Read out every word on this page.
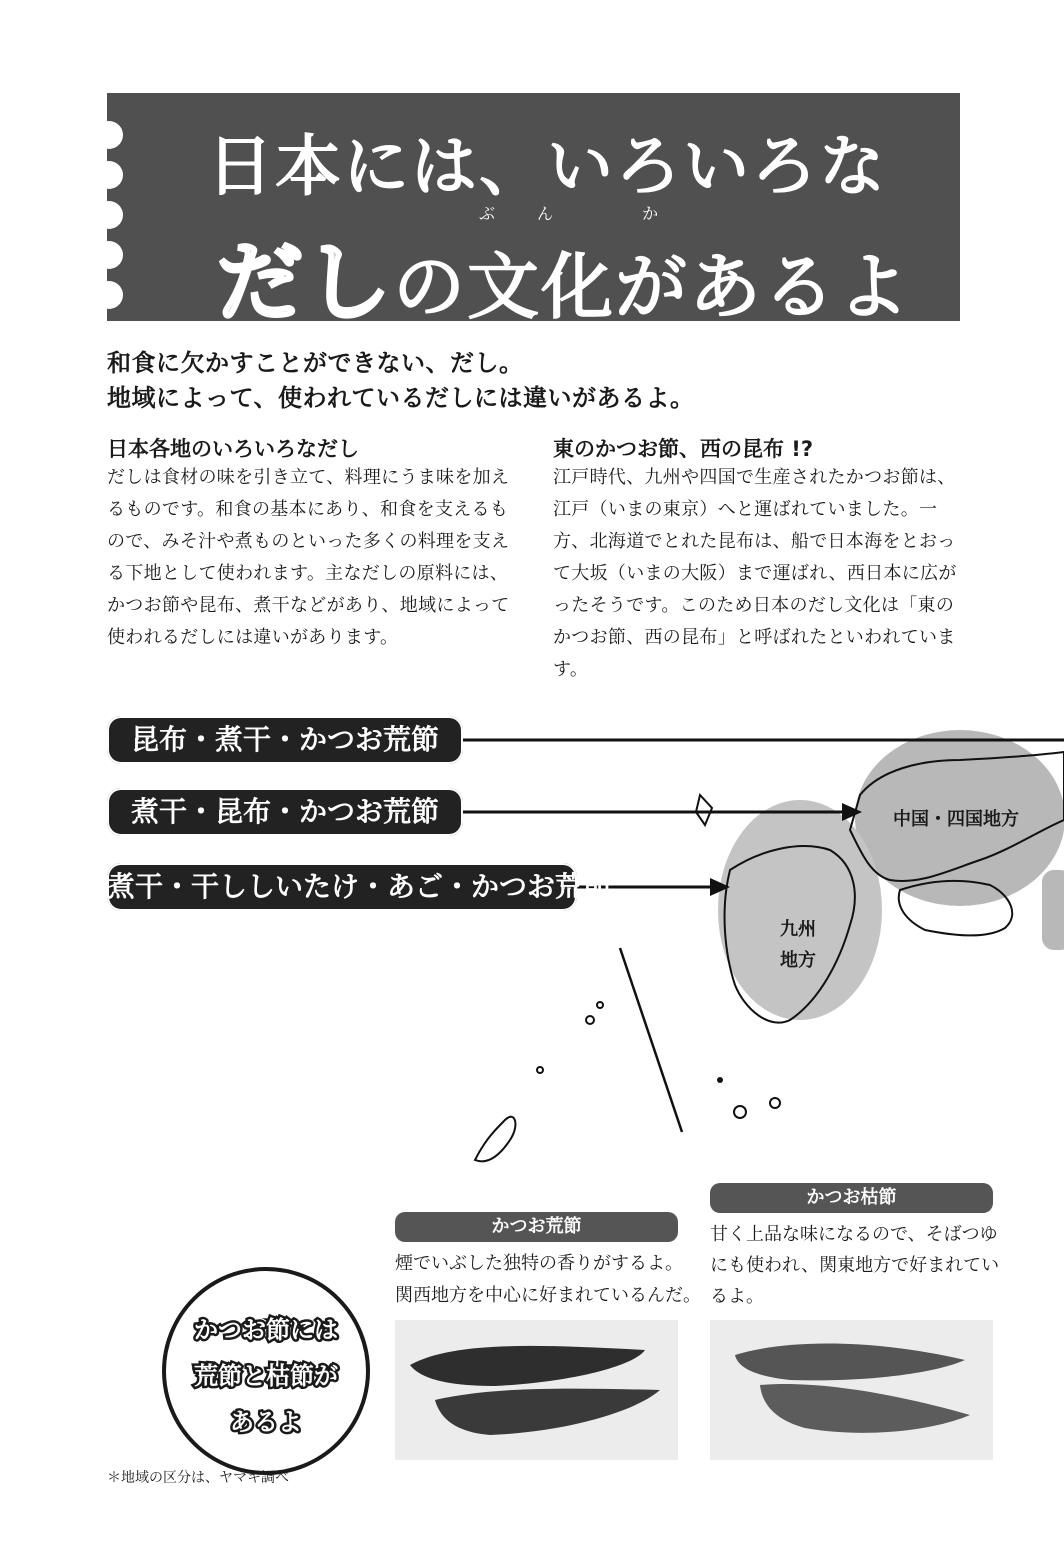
日本には、いろいろな
ぶん か
だしの文化があるよ
和食に欠かすことができない、だし。
地域によって、使われているだしには違いがあるよ。
日本各地のいろいろなだし
だしは食材の味を引き立て、料理にうま味を加えるものです。和食の基本にあり、和食を支えるもので、みそ汁や煮ものといった多くの料理を支える下地として使われます。主なだしの原料には、かつお節や昆布、煮干などがあり、地域によって使われるだしには違いがあります。
東のかつお節、西の昆布 !?
江戸時代、九州や四国で生産されたかつお節は、江戸（いまの東京）へと運ばれていました。一方、北海道でとれた昆布は、船で日本海をとおって大坂（いまの大阪）まで運ばれ、西日本に広がったそうです。このため日本のだし文化は「東のかつお節、西の昆布」と呼ばれたといわれています。
中国・四国地方
九州
地方
昆布・煮干・かつお荒節
煮干・昆布・かつお荒節
煮干・干ししいたけ・あご・かつお荒節
かつお節には
荒節と枯節が
あるよ
かつお荒節
煙でいぶした独特の香りがするよ。
関西地方を中心に好まれているんだ。
かつお枯節
甘く上品な味になるので、そばつゆ
にも使われ、関東地方で好まれてい
るよ。
＊地域の区分は、ヤマキ調べ
